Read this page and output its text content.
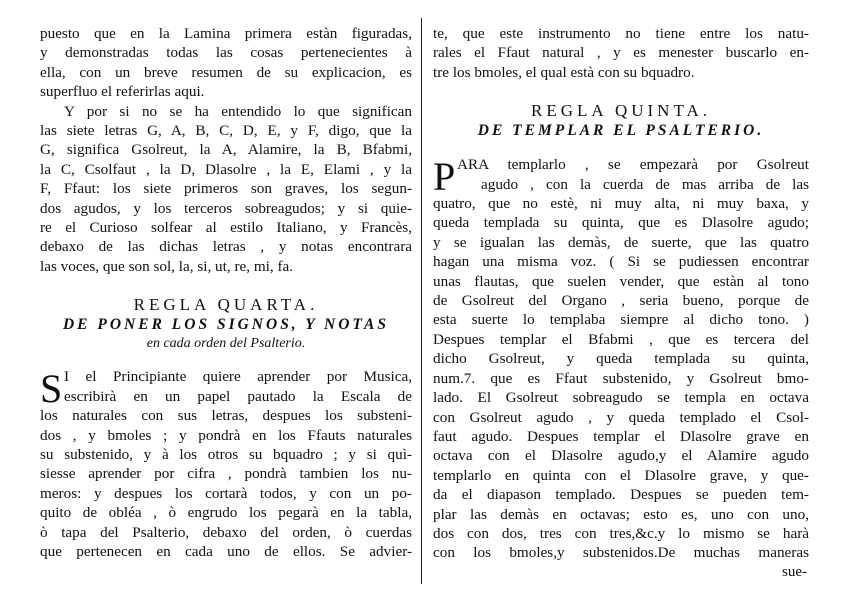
puesto que en la Lamina primera estàn figuradas,
y demonstradas todas las cosas pertenecientes à
ella, con un breve resumen de su explicacion, es
superfluo el referirlas aqui.
Y por si no se ha entendido lo que significan
las siete letras G, A, B, C, D, E, y F, digo, que la
G, significa Gsolreut, la A, Alamire, la B, Bfabmi,
la C, Csolfaut , la D, Dlasolre , la E, Elami , y la
F, Ffaut: los siete primeros son graves, los segun-
dos agudos, y los terceros sobreagudos; y si quie-
re el Curioso solfear al estilo Italiano, y Francès,
debaxo de las dichas letras , y notas encontrara
las voces, que son sol, la, si, ut, re, mi, fa.
REGLA QUARTA.
DE PONER LOS SIGNOS, Y NOTAS
en cada orden del Psalterio.
S I el Principiante quiere aprender por Musica,
escribirà en un papel pautado la Escala de
los naturales con sus letras, despues los substeni-
dos , y bmoles ; y pondrà en los Ffauts naturales
su substenido, y à los otros su bquadro ; y si quì-
siesse aprender por cifra , pondrà tambien los nu-
meros: y despues los cortarà todos, y con un po-
quito de obléa , ò engrudo los pegarà en la tabla,
ò tapa del Psalterio, debaxo del orden, ò cuerdas
que pertenecen en cada uno de ellos. Se advier-
te, que este instrumento no tiene entre los natu-
rales el Ffaut natural , y es menester buscarlo en-
tre los bmoles, el qual està con su bquadro.
REGLA QUINTA.
DE TEMPLAR EL PSALTERIO.
P ARA templarlo , se empezarà por Gsolreut
agudo , con la cuerda de mas arriba de las
quatro, que no estè, ni muy alta, ni muy baxa, y
queda templada su quinta, que es Dlasolre agudo;
y se igualan las demàs, de suerte, que las quatro
hagan una misma voz. ( Si se pudiessen encontrar
unas flautas, que suelen vender, que estàn al tono
de Gsolreut del Organo , seria bueno, porque de
esta suerte lo templaba siempre al dicho tono. )
Despues templar el Bfabmi , que es tercera del
dicho Gsolreut, y queda templada su quinta,
num.7. que es Ffaut substenido, y Gsolreut bmo-
lado. El Gsolreut sobreagudo se templa en octava
con Gsolreut agudo , y queda templado el Csol-
faut agudo. Despues templar el Dlasolre grave en
octava con el Dlasolre agudo,y el Alamire agudo
templarlo en quinta con el Dlasolre grave, y que-
da el diapason templado. Despues se pueden tem-
plar las demàs en octavas; esto es, uno con uno,
dos con dos, tres con tres,&c.y lo mismo se harà
con los bmoles,y substenidos.De muchas maneras
sue-
